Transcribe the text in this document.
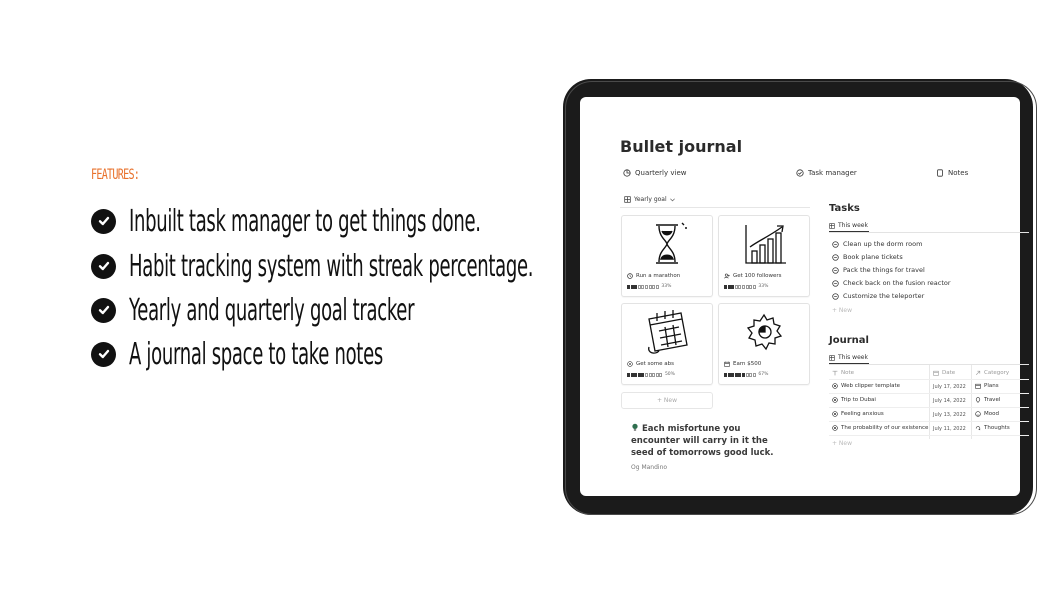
FEATURES:
Inbuilt task manager to get things done.
Habit tracking system with streak percentage.
Yearly and quarterly goal tracker
A journal space to take notes
Bullet journal
Quarterly view	Task manager	Notes
Yearly goal
Run a marathon
33%
Get 100 followers
33%
Get some abs
50%
Earn $500
67%
+ New
Each misfortune you encounter will carry in it the seed of tomorrows good luck.
Og Mandino
Tasks
This week
Clean up the dorm room
Book plane tickets
Pack the things for travel
Check back on the fusion reactor
Customize the teleporter
+ New
Journal
This week
Note	Date	Category
Web clipper template	July 17, 2022	Plans
Trip to Dubai	July 14, 2022	Travel
Feeling anxious	July 13, 2022	Mood
The probability of our existence July 11, 2022	Thoughts
+ New
